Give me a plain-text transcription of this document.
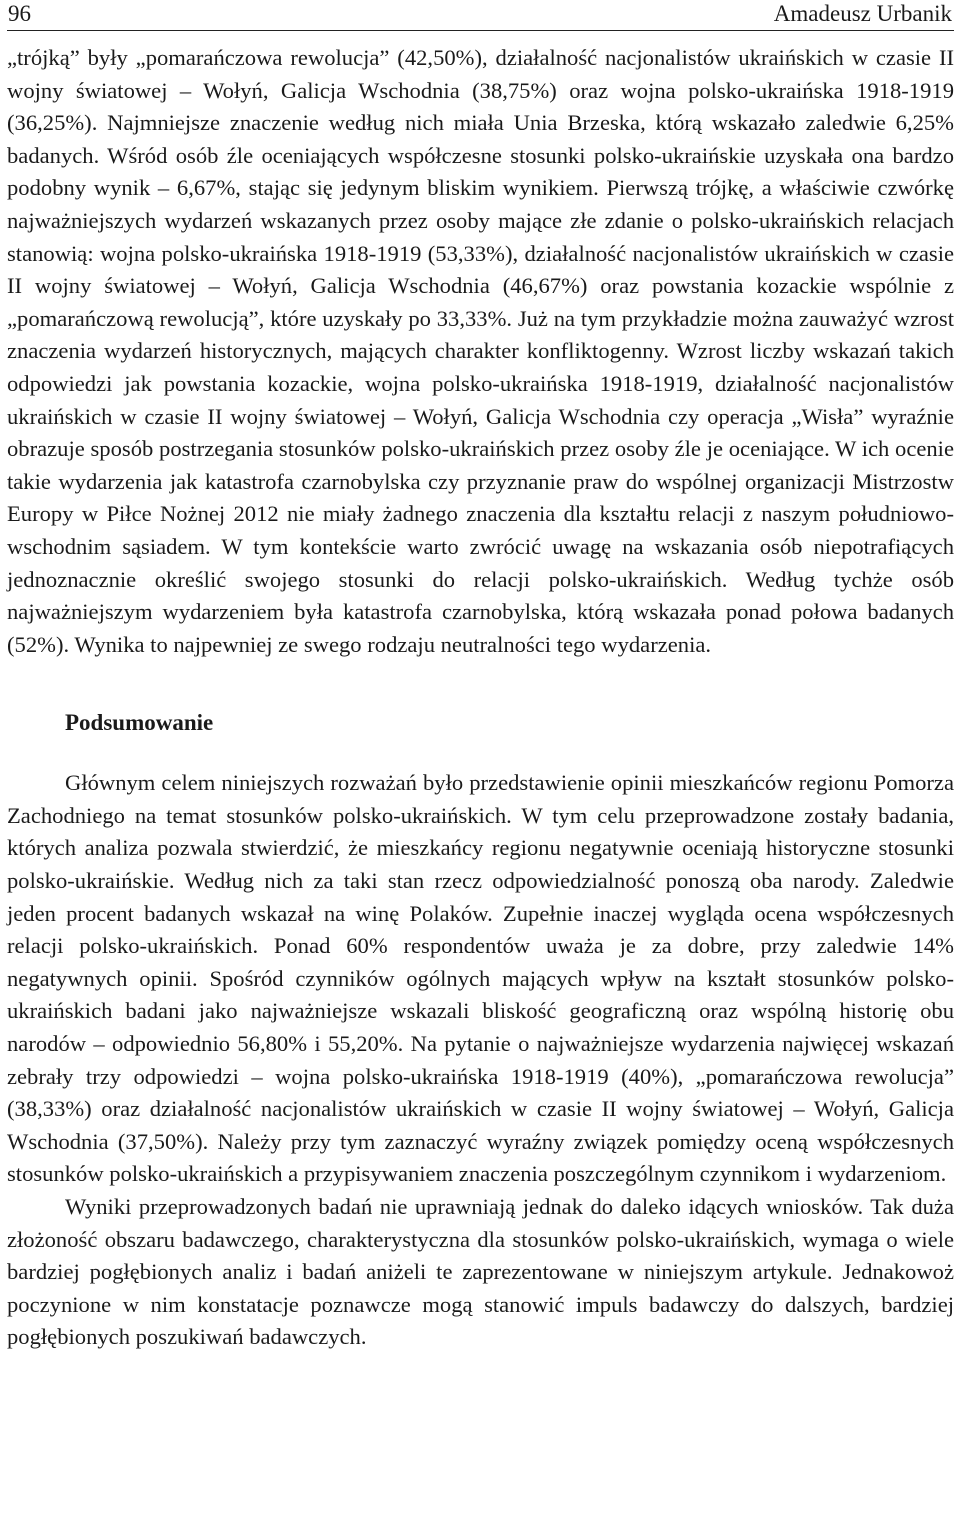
96	Amadeusz Urbanik

„trójką” były „pomarańczowa rewolucja” (42,50%), działalność nacjonalistów ukraińskich w czasie II wojny światowej – Wołyń, Galicja Wschodnia (38,75%) oraz wojna polsko-ukraińska 1918-1919 (36,25%). Najmniejsze znaczenie według nich miała Unia Brzeska, którą wskazało zaledwie 6,25% badanych. Wśród osób źle oceniających współczesne stosunki polsko-ukraińskie uzyskała ona bardzo podobny wynik – 6,67%, stając się jedynym bliskim wynikiem. Pierwszą trójkę, a właściwie czwórkę najważniejszych wydarzeń wskazanych przez osoby mające złe zdanie o polsko-ukraińskich relacjach stanowią: wojna polsko-ukraińska 1918-1919 (53,33%), działalność nacjonalistów ukraińskich w czasie II wojny światowej – Wołyń, Galicja Wschodnia (46,67%) oraz powstania kozackie wspólnie z „pomarańczową rewolucją”, które uzyskały po 33,33%. Już na tym przykładzie można zauważyć wzrost znaczenia wydarzeń historycznych, mających charakter konfliktogenny. Wzrost liczby wskazań takich odpowiedzi jak powstania kozackie, wojna polsko-ukraińska 1918-1919, działalność nacjonalistów ukraińskich w czasie II wojny światowej – Wołyń, Galicja Wschodnia czy operacja „Wisła” wyraźnie obrazuje sposób postrzegania stosunków polsko-ukraińskich przez osoby źle je oceniające. W ich ocenie takie wydarzenia jak katastrofa czarnobylska czy przyznanie praw do wspólnej organizacji Mistrzostw Europy w Piłce Nożnej 2012 nie miały żadnego znaczenia dla kształtu relacji z naszym południowo-wschodnim sąsiadem. W tym kontekście warto zwrócić uwagę na wskazania osób niepotrafiących jednoznacznie określić swojego stosunki do relacji polsko-ukraińskich. Według tychże osób najważniejszym wydarzeniem była katastrofa czarnobylska, którą wskazała ponad połowa badanych (52%). Wynika to najpewniej ze swego rodzaju neutralności tego wydarzenia.

Podsumowanie

Głównym celem niniejszych rozważań było przedstawienie opinii mieszkańców regionu Pomorza Zachodniego na temat stosunków polsko-ukraińskich. W tym celu przeprowadzone zostały badania, których analiza pozwala stwierdzić, że mieszkańcy regionu negatywnie oceniają historyczne stosunki polsko-ukraińskie. Według nich za taki stan rzecz odpowiedzialność ponoszą oba narody. Zaledwie jeden procent badanych wskazał na winę Polaków. Zupełnie inaczej wygląda ocena współczesnych relacji polsko-ukraińskich. Ponad 60% respondentów uważa je za dobre, przy zaledwie 14% negatywnych opinii. Spośród czynników ogólnych mających wpływ na kształt stosunków polsko-ukraińskich badani jako najważniejsze wskazali bliskość geograficzną oraz wspólną historię obu narodów – odpowiednio 56,80% i 55,20%. Na pytanie o najważniejsze wydarzenia najwięcej wskazań zebrały trzy odpowiedzi – wojna polsko-ukraińska 1918-1919 (40%), „pomarańczowa rewolucja” (38,33%) oraz działalność nacjonalistów ukraińskich w czasie II wojny światowej – Wołyń, Galicja Wschodnia (37,50%). Należy przy tym zaznaczyć wyraźny związek pomiędzy oceną współczesnych stosunków polsko-ukraińskich a przypisywaniem znaczenia poszczególnym czynnikom i wydarzeniom.

Wyniki przeprowadzonych badań nie uprawniają jednak do daleko idących wniosków. Tak duża złożoność obszaru badawczego, charakterystyczna dla stosunków polsko-ukraińskich, wymaga o wiele bardziej pogłębionych analiz i badań aniżeli te zaprezentowane w niniejszym artykule. Jednakowoż poczynione w nim konstatacje poznawcze mogą stanowić impuls badawczy do dalszych, bardziej pogłębionych poszukiwań badawczych.
